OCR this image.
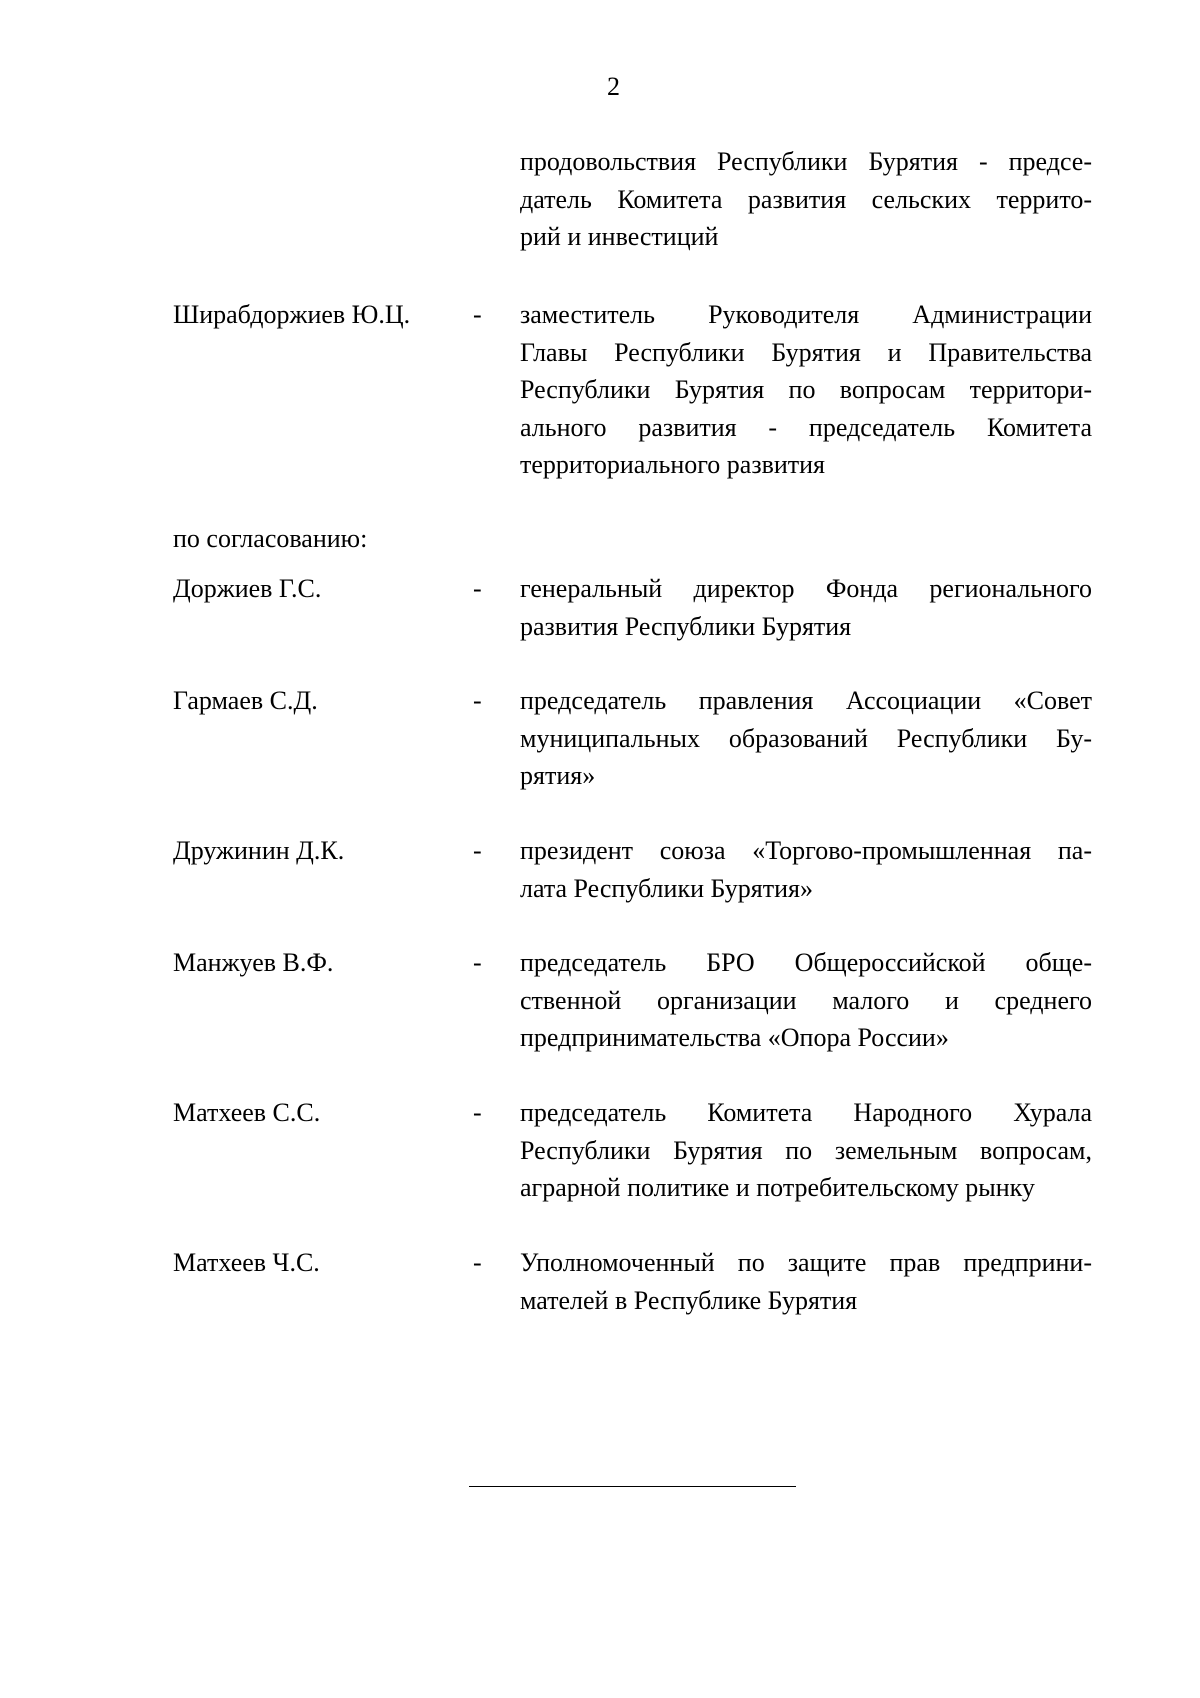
2
продовольствия Республики Бурятия - предсе-
датель Комитета развития сельских террито-
рий и инвестиций
Ширабдоржиев Ю.Ц. - заместитель Руководителя Администрации
Главы Республики Бурятия и Правительства
Республики Бурятия по вопросам территори-
ального развития - председатель Комитета
территориального развития
по согласованию:
Доржиев Г.С.	- генеральный директор Фонда регионального
развития Республики Бурятия
Гармаев С.Д.	- председатель правления Ассоциации «Совет
муниципальных образований Республики Бу-
рятия»
Дружинин Д.К.	- президент союза «Торгово-промышленная па-
лата Республики Бурятия»
Манжуев В.Ф.	- председатель БРО Общероссийской обще-
ственной организации малого и среднего
предпринимательства «Опора России»
Матхеев С.С.	- председатель Комитета Народного Хурала
Республики Бурятия по земельным вопросам,
аграрной политике и потребительскому рынку
Матхеев Ч.С.	- Уполномоченный по защите прав предприни-
мателей в Республике Бурятия
